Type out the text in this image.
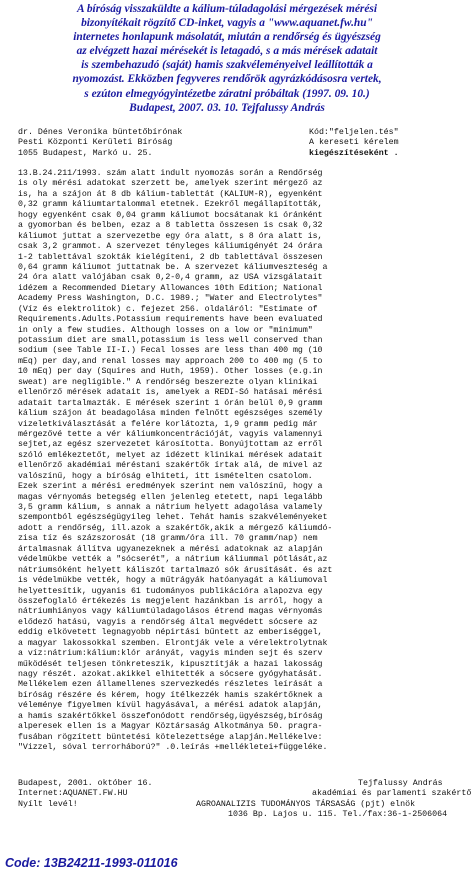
A bíróság visszaküldte a kálium-túladagolási mérgezések mérési
bizonyítékait rögzítő CD-inket, vagyis a "www.aquanet.fw.hu"
internetes honlapunk másolatát, miután a rendőrség és ügyészség
az elvégzett hazai mérésekét is letagadó, s a más mérések adatait
is szembehazudó (saját) hamis szakvéleményeivel leállították a
nyomozást. Ekközben fegyveres rendőrök agyrázkódásosra vertek,
s ezúton elmegyógyintézetbe záratni próbáltak (1997. 09. 10.)
Budapest, 2007. 03. 10. Tejfalussy András
dr. Dénes Veronika büntetőbírónak
Pesti Központi Kerületi Bíróság
1055 Budapest, Markó u. 25.
Kód:"feljelen.tés"
A kereseti kérelem
kiegészítéseként .
13.B.24.211/1993. szám alatt indult nyomozás során a Rendőrség
is oly mérési adatokat szerzett be, amelyek szerint mérgező az
is, ha a szájon át 8 db kálium-tablettát (KALIUM-R), egyenként
0,32 gramm káliumtartalommal etetnek. Ezekről megállapították,
hogy egyenként csak 0,04 gramm káliumot bocsátanak ki óránként
a gyomorban és belben, ezaz a 8 tabletta összesen is csak 0,32
káliumot juttat a szervezetbe egy óra alatt, s 8 óra alatt is,
csak 3,2 grammot. A szervezet tényleges káliumigényét 24 órára
1-2 tablettával szokták kielégíteni, 2 db tablettával összesen
0,64 gramm káliumot juttatnak be. A szervezet káliumveszteség a
24 óra alatt valójában csak 0,2-0,4 gramm, az USA vizsgálatait
idézem a Recommended Dietary Allowances 10th Edition; National
Academy Press Washington, D.C. 1989.; "Water and Electrolytes"
(Víz és elektrolitok) c. fejezet 256. oldaláról: "Estimate of
Requirements.Adults.Potassium requirements have been evaluated
in only a few studies. Although losses on a low or "minimum"
potassium diet are small,potassium is less well conserved than
sodium (see Table II-I.) Fecal losses are less than 400 mg (10
mEq) per day,and renal losses may approach 200 to 400 mg (5 to
10 mEq) per day (Squires and Huth, 1959). Other losses (e.g.in
sweat) are negligible." A rendőrség beszerezte olyan klinikai
ellenőrző mérések adatait is, amelyek a REDI-Só hatásai mérési
adatait tartalmazták. E mérések szerint 1 órán belül 0,9 gramm
kálium szájon át beadagolása minden felnőtt egészséges személy
vizeletkiválasztását a felére korlátozta, 1,9 gramm pedig már
mérgezővé tette a vér káliumkoncentrációját, vagyis valamennyi
sejtet,az egész szervezetet károsította. Bonyújtottam az erről
szóló emlékeztetőt, melyet az idézett klinikai mérések adatait
ellenőrző akadémiai méréstani szakértők írtak alá, de mivel az
valószínű, hogy a bíróság elhiteti, itt ismételten csatolom.
Ezek szerint a mérési eredmények szerint nem valószínű, hogy a
magas vérnyomás betegség ellen jelenleg etetett, napi legalább
3,5 gramm kálium, s annak a nátrium helyett adagolása valamely
szempontból egészségügyileg lehet. Tehát hamis szakvéleményeket
adott a rendőrség, ill.azok a szakértők,akik a mérgező káliumdó-
zisa tíz és százszorosát (18 gramm/óra ill. 70 gramm/nap) nem
ártalmasnak állítva ugyanezeknek a mérési adatoknak az alapján
védelmükbe vették a "sócserét", a nátrium káliummal pótlását,az
nátriumsóként helyett káliszót tartalmazó sók árusítását. és azt
is védelmükbe vették, hogy a műtrágyák hatóanyagát a káliumoval
helyettesítik, ugyanis 61 tudományos publikációra alapozva egy
összefoglaló értékezés is megjelent hazánkban is arról, hogy a
nátriumhiányos vagy káliumtúladagolásos étrend magas vérnyomás
elődező hatású, vagyis a rendőrség által megvédett sócsere az
eddig elkövetett legnagyobb népirtási bűntett az emberiséggel,
a magyar lakossokkal szemben. Elrontják vele a vérelektrolytnak
a víz:nátrium:kálium:klór arányát, vagyis minden sejt és szerv
működését teljesen tönkreteszik, kipusztítják a hazai lakosság
nagy részét. azokat.akikkel elhitették a sócsere gyógyhatását.
Mellékelem ezen államellenes szervezkedés részletes leírását a
bíróság részére és kérem, hogy ítélkezzék hamis szakértőknek a
véleménye figyelmen kívül hagyásával, a mérési adatok alapján,
a hamis szakértőkkel összefonódott rendőrség,ügyészség,bíróság
alperesek ellen is a Magyar Köztársaság Alkotmánya 50. pragra-
fusában rögzített büntetési kötelezettsége alapján.Mellékelve:
"Vizzel, sóval terrorháború?" .0.leírás +mellékletei+függeléke.
Budapest, 2001. október 16.
Internet:AQUANET.FW.HU
Nyílt levél!
Tejfalussy András
akadémiai és parlamenti szakértő
AGROANALIZIS TUDOMÁNYOS TÁRSASÁG (pjt) elnök
1036 Bp. Lajos u. 115. Tel./fax:36-1-2506064
Code: 13B24211-1993-011016
